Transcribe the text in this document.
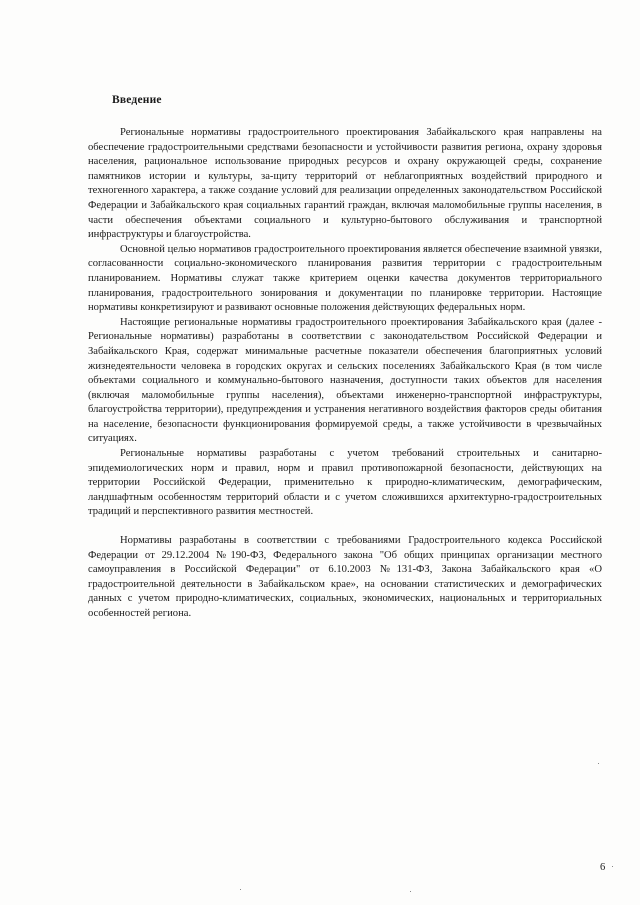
Введение

Региональные нормативы градостроительного проектирования Забайкальского края направлены на обеспечение градостроительными средствами безопасности и устойчивости развития региона, охрану здоровья населения, рациональное использование природных ресурсов и охрану окружающей среды, сохранение памятников истории и культуры, за-щиту территорий от неблагоприятных воздействий природного и техногенного характера, а также создание условий для реализации определенных законодательством Российской Федерации и Забайкальского края социальных гарантий граждан, включая маломобильные группы населения, в части обеспечения объектами социального и культурно-бытового обслуживания и транспортной инфраструктуры и благоустройства.

Основной целью нормативов градостроительного проектирования является обеспечение взаимной увязки, согласованности социально-экономического планирования развития территории с градостроительным планированием. Нормативы служат также критерием оценки качества документов территориального планирования, градостроительного зонирования и документации по планировке территории. Настоящие нормативы конкретизируют и развивают основные положения действующих федеральных норм.

Настоящие региональные нормативы градостроительного проектирования Забайкальского края (далее - Региональные нормативы) разработаны в соответствии с законодательством Российской Федерации и Забайкальского Края, содержат минимальные расчетные показатели обеспечения благоприятных условий жизнедеятельности человека в городских округах и сельских поселениях Забайкальского Края (в том числе объектами социального и коммунально-бытового назначения, доступности таких объектов для населения (включая маломобильные группы населения), объектами инженерно-транспортной инфраструктуры, благоустройства территории), предупреждения и устранения негативного воздействия факторов среды обитания на население, безопасности функционирования формируемой среды, а также устойчивости в чрезвычайных ситуациях.

Региональные нормативы разработаны с учетом требований строительных и санитарно-эпидемиологических норм и правил, норм и правил противопожарной безопасности, действующих на территории Российской Федерации, применительно к природно-климатическим, демографическим, ландшафтным особенностям территорий области и с учетом сложившихся архитектурно-градостроительных традиций и перспективного развития местностей.

Нормативы разработаны в соответствии с требованиями Градостроительного кодекса Российской Федерации от 29.12.2004 №190-ФЗ, Федерального закона "Об общих принципах организации местного самоуправления в Российской Федерации" от 6.10.2003 №131-ФЗ, Закона Забайкальского края «О градостроительной деятельности в Забайкальском крае», на основании статистических и демографических данных с учетом природно-климатических, социальных, экономических, национальных и территориальных особенностей региона.

6
